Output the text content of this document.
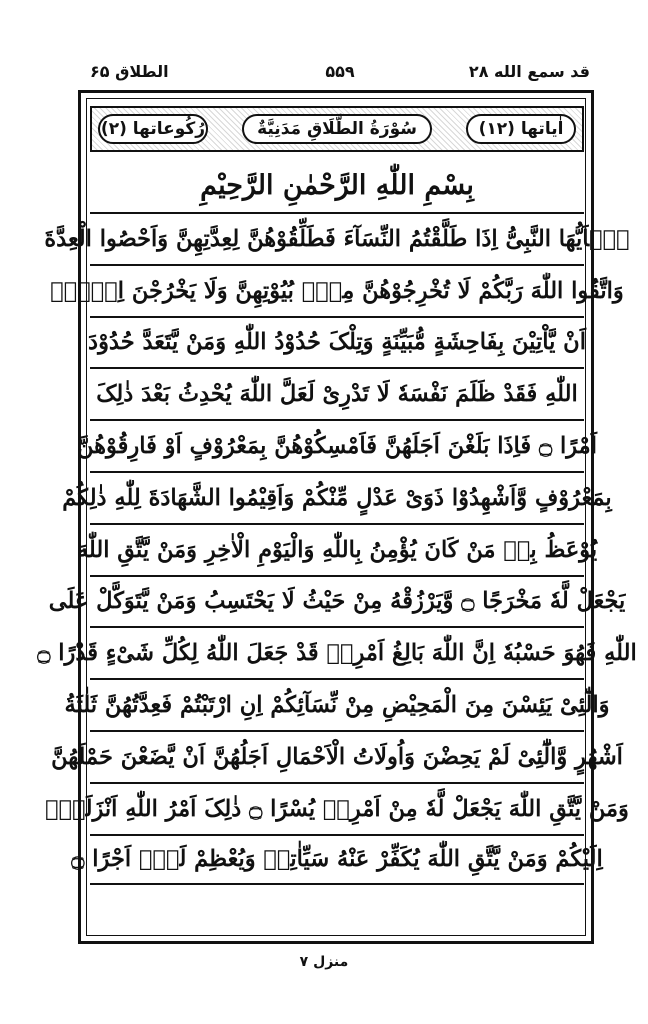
قد سمع الله ۲۸
۵۵۹
الطلاق ۶۵
اٰیاتها (۱۲)
سُوْرَةُ الطَّلَاقِ مَدَنِيَّةٌ
رُکُوعاتها (۲)
بِسْمِ اللّٰهِ الرَّحْمٰنِ الرَّحِیْمِ
یٰۤاَیُّهَا النَّبِیُّ اِذَا طَلَّقْتُمُ النِّسَآءَ فَطَلِّقُوْهُنَّ لِعِدَّتِهِنَّ وَاَحْصُوا الْعِدَّةَ
وَاتَّقُوا اللّٰهَ رَبَّکُمْ لَا تُخْرِجُوْهُنَّ مِنْۢ بُیُوْتِهِنَّ وَلَا یَخْرُجْنَ اِلَّاۤ
اَنْ یَّاْتِیْنَ بِفَاحِشَةٍ مُّبَیِّنَةٍ وَتِلْکَ حُدُوْدُ اللّٰهِ وَمَنْ یَّتَعَدَّ حُدُوْدَ
اللّٰهِ فَقَدْ ظَلَمَ نَفْسَهٗ لَا تَدْرِیْ لَعَلَّ اللّٰهَ یُحْدِثُ بَعْدَ ذٰلِکَ
اَمْرًا ۝ فَاِذَا بَلَغْنَ اَجَلَهُنَّ فَاَمْسِکُوْهُنَّ بِمَعْرُوْفٍ اَوْ فَارِقُوْهُنَّ
بِمَعْرُوْفٍ وَّاَشْهِدُوْا ذَوَیْ عَدْلٍ مِّنْکُمْ وَاَقِیْمُوا الشَّهَادَةَ لِلّٰهِ ذٰلِکُمْ
یُوْعَظُ بِهٖ مَنْ کَانَ یُؤْمِنُ بِاللّٰهِ وَالْیَوْمِ الْاٰخِرِ وَمَنْ یَّتَّقِ اللّٰهَ
یَجْعَلْ لَّهٗ مَخْرَجًا ۝ وَّیَرْزُقْهُ مِنْ حَیْثُ لَا یَحْتَسِبُ وَمَنْ یَّتَوَکَّلْ عَلَی
اللّٰهِ فَهُوَ حَسْبُهٗ اِنَّ اللّٰهَ بَالِغُ اَمْرِهٖ قَدْ جَعَلَ اللّٰهُ لِکُلِّ شَیْءٍ قَدْرًا ۝
وَالّٰٓئِیْ یَئِسْنَ مِنَ الْمَحِیْضِ مِنْ نِّسَآئِکُمْ اِنِ ارْتَبْتُمْ فَعِدَّتُهُنَّ ثَلٰثَةُ
اَشْهُرٍ وَّالّٰٓئِیْ لَمْ یَحِضْنَ وَاُولَاتُ الْاَحْمَالِ اَجَلُهُنَّ اَنْ یَّضَعْنَ حَمْلَهُنَّ
وَمَنْ یَّتَّقِ اللّٰهَ یَجْعَلْ لَّهٗ مِنْ اَمْرِهٖ یُسْرًا ۝ ذٰلِکَ اَمْرُ اللّٰهِ اَنْزَلَهٗۤ
اِلَیْکُمْ وَمَنْ یَّتَّقِ اللّٰهَ یُکَفِّرْ عَنْهُ سَیِّاٰتِهٖ وَیُعْظِمْ لَهٗۤ اَجْرًا ۝
منزل ۷
